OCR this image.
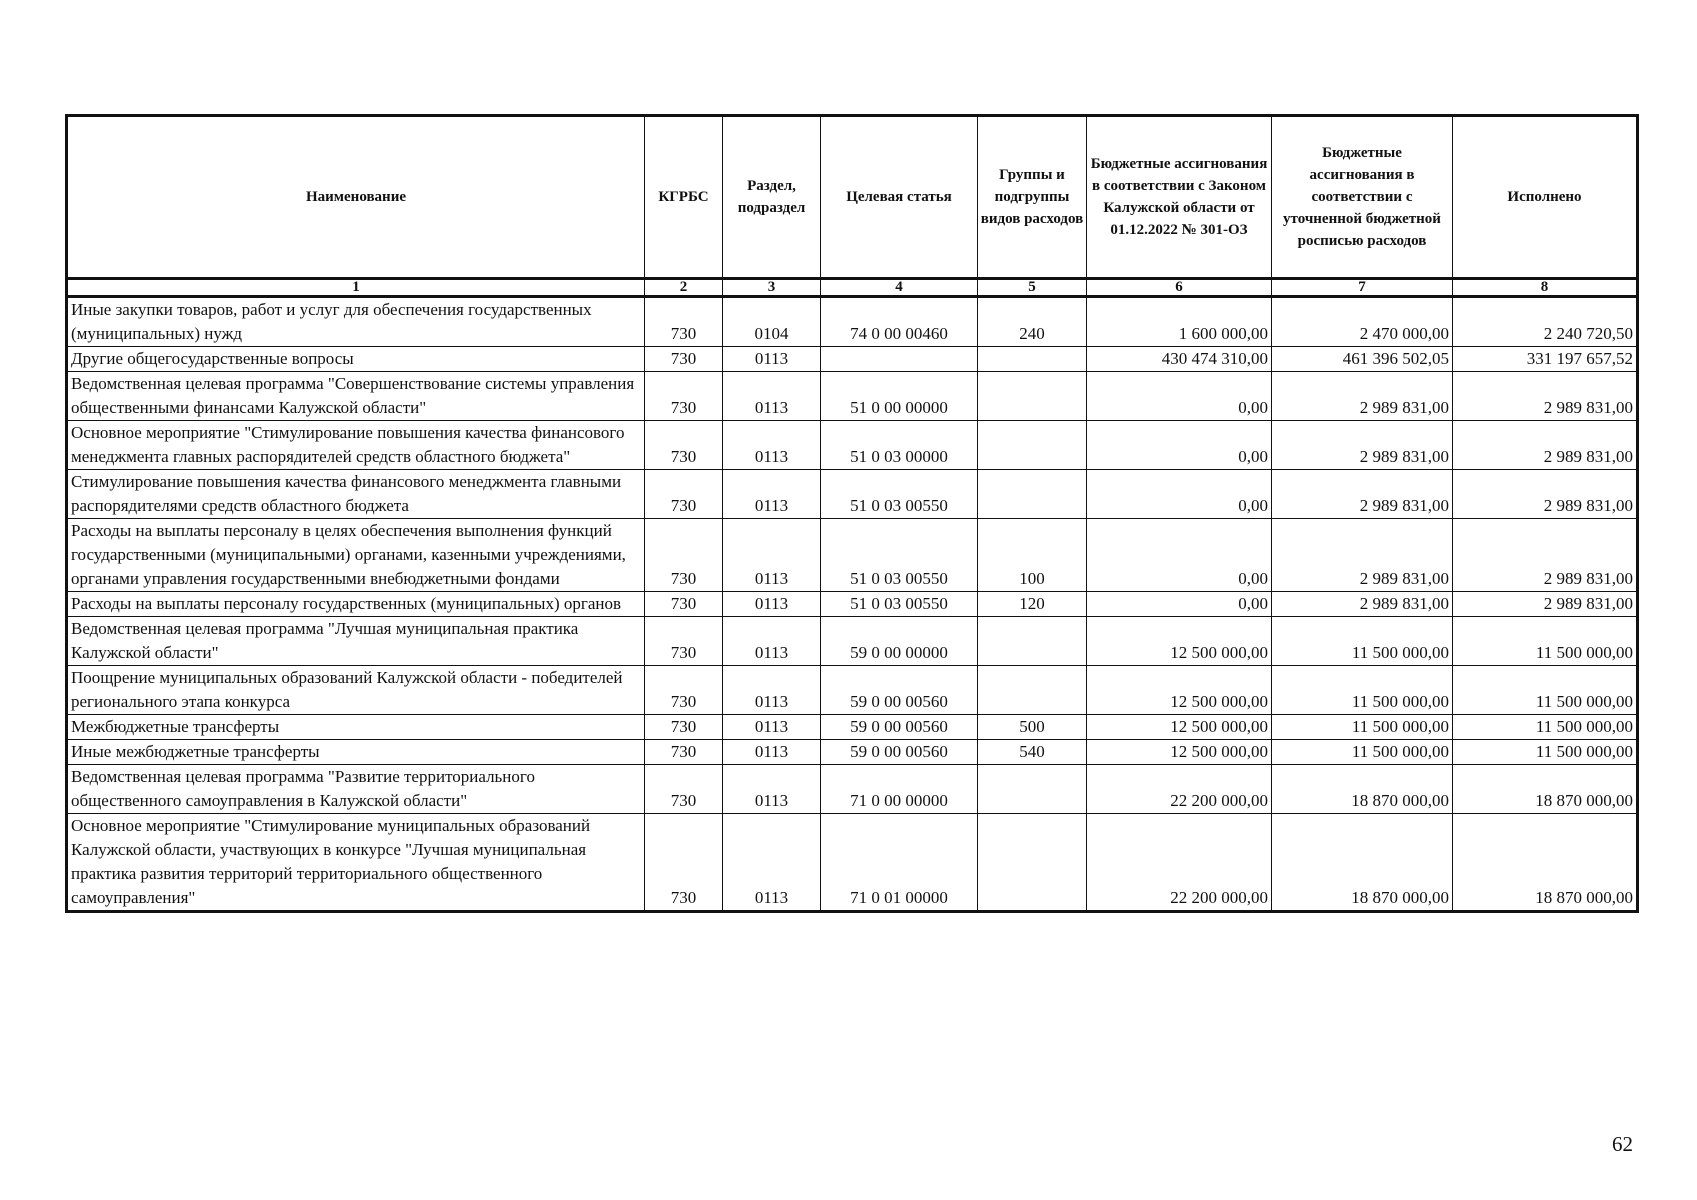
Наименование	КГРБС	Раздел, подраздел	Целевая статья	Группы и подгруппы видов расходов	Бюджетные ассигнования в соответствии с Законом Калужской области от 01.12.2022 № 301-ОЗ	Бюджетные ассигнования в соответствии с уточненной бюджетной росписью расходов	Исполнено
1	2	3	4	5	6	7	8
Иные закупки товаров, работ и услуг для обеспечения государственных (муниципальных) нужд	730	0104	74 0 00 00460	240	1 600 000,00	2 470 000,00	2 240 720,50
Другие общегосударственные вопросы	730	0113			430 474 310,00	461 396 502,05	331 197 657,52
Ведомственная целевая программа "Совершенствование системы управления общественными финансами Калужской области"	730	0113	51 0 00 00000		0,00	2 989 831,00	2 989 831,00
Основное мероприятие "Стимулирование повышения качества финансового менеджмента главных распорядителей средств областного бюджета"	730	0113	51 0 03 00000		0,00	2 989 831,00	2 989 831,00
Стимулирование повышения качества финансового менеджмента главными распорядителями средств областного бюджета	730	0113	51 0 03 00550		0,00	2 989 831,00	2 989 831,00
Расходы на выплаты персоналу в целях обеспечения выполнения функций государственными (муниципальными) органами, казенными учреждениями, органами управления государственными внебюджетными фондами	730	0113	51 0 03 00550	100	0,00	2 989 831,00	2 989 831,00
Расходы на выплаты персоналу государственных (муниципальных) органов	730	0113	51 0 03 00550	120	0,00	2 989 831,00	2 989 831,00
Ведомственная целевая программа "Лучшая муниципальная практика Калужской области"	730	0113	59 0 00 00000		12 500 000,00	11 500 000,00	11 500 000,00
Поощрение муниципальных образований Калужской области - победителей регионального этапа конкурса	730	0113	59 0 00 00560		12 500 000,00	11 500 000,00	11 500 000,00
Межбюджетные трансферты	730	0113	59 0 00 00560	500	12 500 000,00	11 500 000,00	11 500 000,00
Иные межбюджетные трансферты	730	0113	59 0 00 00560	540	12 500 000,00	11 500 000,00	11 500 000,00
Ведомственная целевая программа "Развитие территориального общественного самоуправления в Калужской области"	730	0113	71 0 00 00000		22 200 000,00	18 870 000,00	18 870 000,00
Основное мероприятие "Стимулирование муниципальных образований Калужской области, участвующих в конкурсе "Лучшая муниципальная практика развития территорий территориального общественного самоуправления"	730	0113	71 0 01 00000		22 200 000,00	18 870 000,00	18 870 000,00
62
